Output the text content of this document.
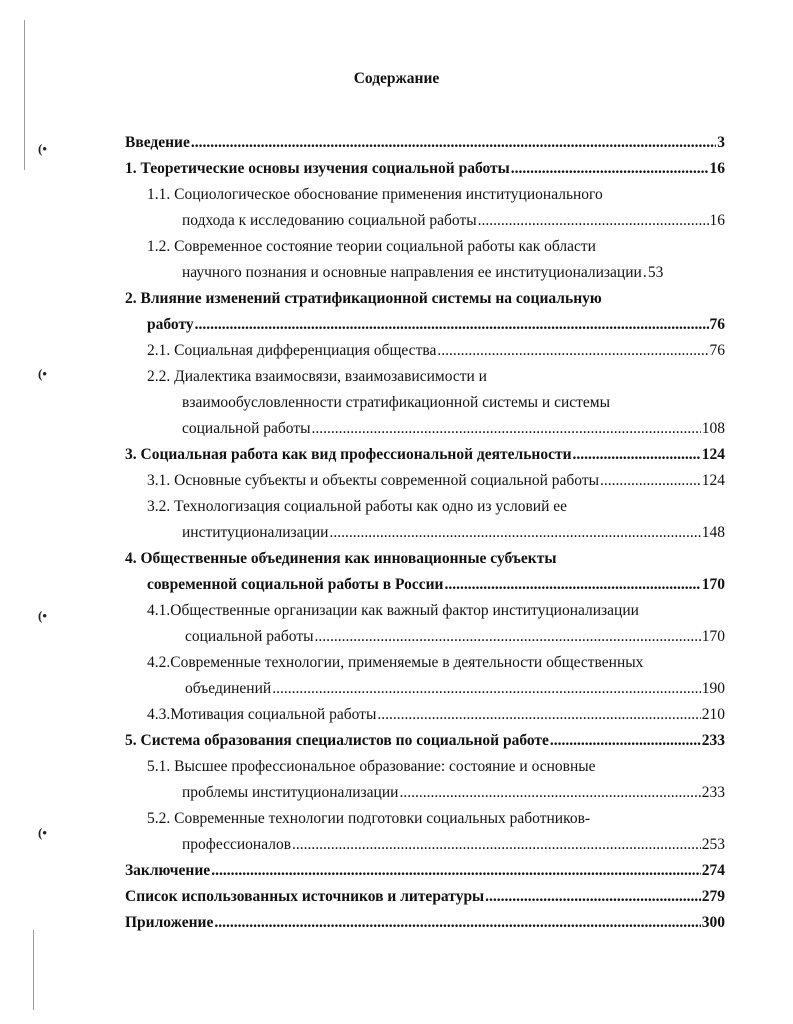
(•
(•
(•
(•
Содержание
Введение .....	3
1. Теоретические основы изучения социальной работы .....	16
1.1. Социологическое обоснование применения институционального
подхода к исследованию социальной работы .....	16
1.2. Современное состояние теории социальной работы как области
научного познания и основные направления ее институционализации ..... 53
2. Влияние изменений стратификационной системы на социальную
работу .....	76
2.1. Социальная дифференциация общества .....	76
2.2. Диалектика взаимосвязи, взаимозависимости и
взаимообусловленности стратификационной системы и системы
социальной работы .....	108
3. Социальная работа как вид профессиональной деятельности .....	124
3.1. Основные субъекты и объекты современной социальной работы .....	124
3.2. Технологизация социальной работы как одно из условий ее
институционализации .....	148
4. Общественные объединения как инновационные субъекты
современной социальной работы в России .....	170
4.1.Общественные организации как важный фактор институционализации
социальной работы .....	170
4.2.Современные технологии, применяемые в деятельности общественных
объединений .....	190
4.3.Мотивация социальной работы .....	210
5. Система образования специалистов по социальной работе .....	233
5.1. Высшее профессиональное образование: состояние и основные
проблемы институционализации .....	233
5.2. Современные технологии подготовки социальных работников-
профессионалов .....	253
Заключение .....	274
Список использованных источников и литературы .....	279
Приложение .....	300
